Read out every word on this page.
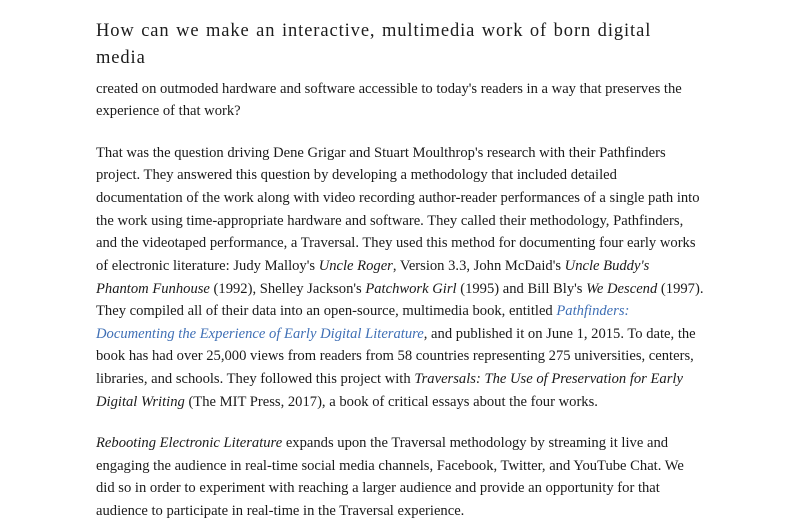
How can we make an interactive, multimedia work of born digital media

created on outmoded hardware and software accessible to today's readers in a way that preserves the experience of that work?

That was the question driving Dene Grigar and Stuart Moulthrop's research with their Pathfinders project. They answered this question by developing a methodology that included detailed documentation of the work along with video recording author-reader performances of a single path into the work using time-appropriate hardware and software. They called their methodology, Pathfinders, and the videotaped performance, a Traversal. They used this method for documenting four early works of electronic literature: Judy Malloy's Uncle Roger, Version 3.3, John McDaid's Uncle Buddy's Phantom Funhouse (1992), Shelley Jackson's Patchwork Girl (1995) and Bill Bly's We Descend (1997). They compiled all of their data into an open-source, multimedia book, entitled Pathfinders: Documenting the Experience of Early Digital Literature, and published it on June 1, 2015. To date, the book has had over 25,000 views from readers from 58 countries representing 275 universities, centers, libraries, and schools. They followed this project with Traversals: The Use of Preservation for Early Digital Writing (The MIT Press, 2017), a book of critical essays about the four works.

Rebooting Electronic Literature expands upon the Traversal methodology by streaming it live and engaging the audience in real-time social media channels, Facebook, Twitter, and YouTube Chat. We did so in order to experiment with reaching a larger audience and provide an opportunity for that audience to participate in real-time in the Traversal experience.
